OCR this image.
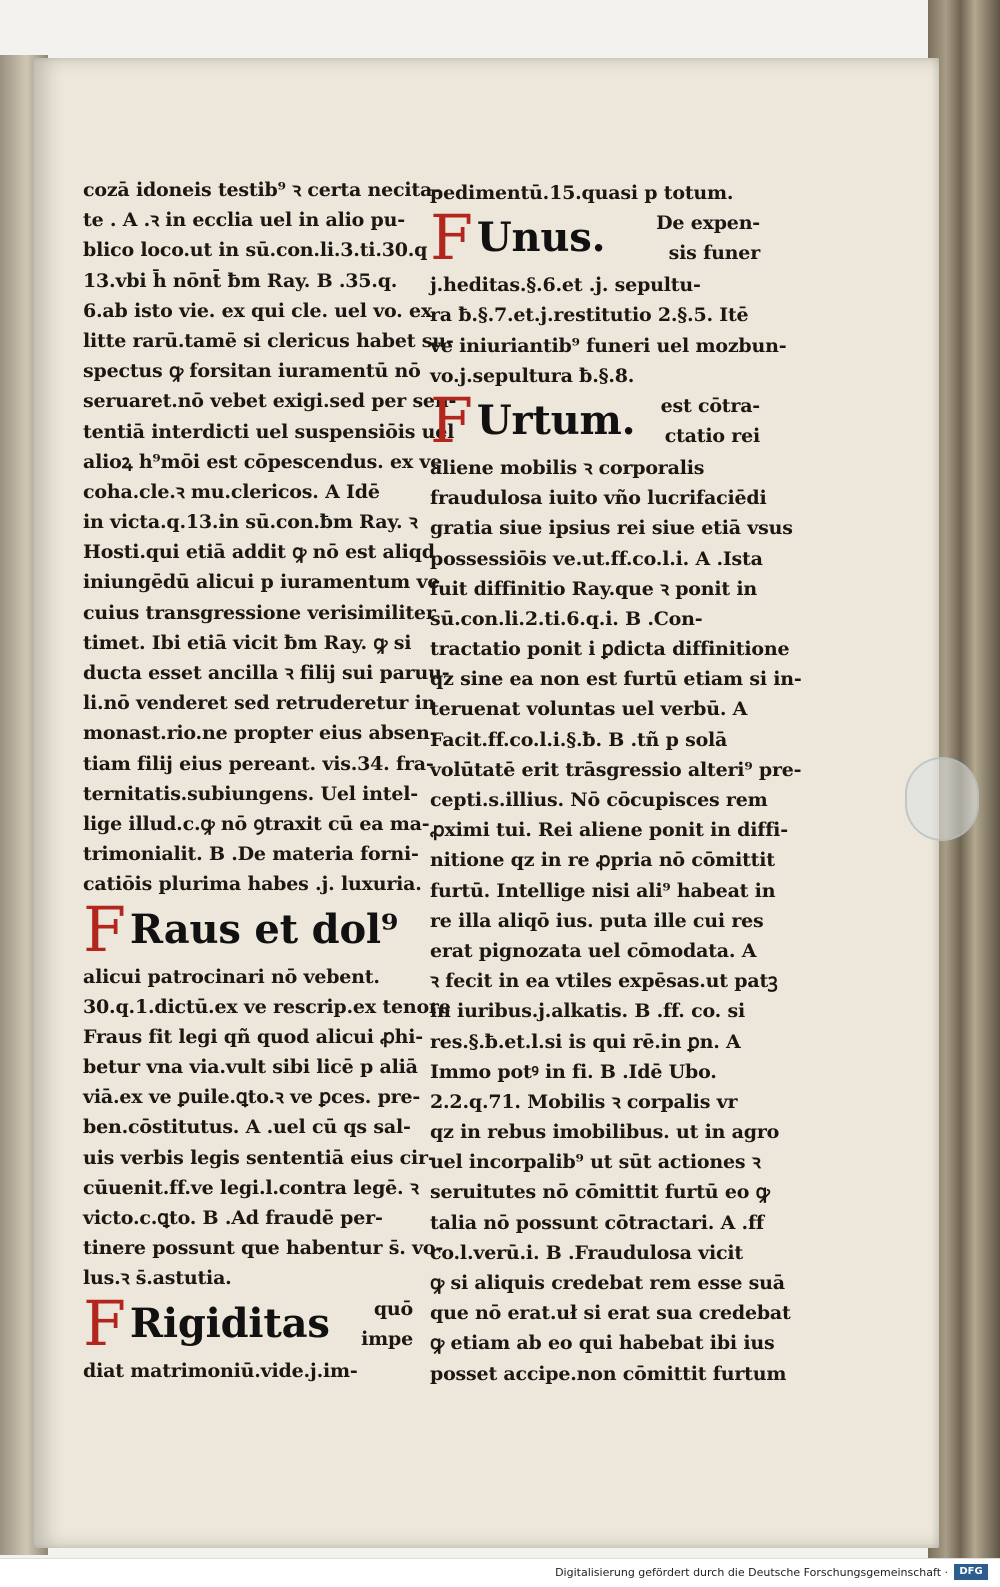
cozā idoneis testib⁹ ꝛ certa necita-
te . A .ꝛ in ecclia uel in alio pu-
blico loco.ut in sū.con.li.3.ti.30.q
13.vbi h̄ nōnt̄ ƀm Ray. B .35.q.
6.ab isto vie. ex qui cle. uel vo. ex
litte rarū.tamē si clericus habet su-
spectus ꝙ forsitan iuramentū nō
seruaret.nō vebet exigi.sed per sen-
tentiā interdicti uel suspensiōis uel
alioꝝ h⁹mōi est cōpescendus. ex ve
coha.cle.ꝛ mu.clericos. A Idē
in victa.q.13.in sū.con.ƀm Ray. ꝛ
Hosti.qui etiā addit ꝙ nō est aliqd
iniungēdū alicui p iuramentum ve
cuius transgressione verisimiliter
timet. Ibi etiā vicit ƀm Ray. ꝙ si
ducta esset ancilla ꝛ filij sui paruu-
li.nō venderet sed retruderetur in
monast.rio.ne propter eius absen-
tiam filij eius pereant. vis.34. fra-
ternitatis.subiungens. Uel intel-
lige illud.c.ꝙ nō ꝯtraxit cū ea ma-
trimonialit. B .De materia forni-
catiōis plurima habes .j. luxuria.
F Raus et dol⁹
alicui patrocinari nō vebent.
30.q.1.dictū.ex ve rescrip.ex tenore
Fraus fit legi qñ quod alicui ꝓhi-
betur vna via.vult sibi licē p aliā
viā.ex ve ꝑuile.ꝗto.ꝛ ve ꝑces. pre-
ben.cōstitutus. A .uel cū qs sal-
uis verbis legis sententiā eius cir-
cūuenit.ff.ve legi.l.contra legē. ꝛ
victo.c.ꝗto. B .Ad fraudē per-
tinere possunt que habentur s̄. vo-
lus.ꝛ s̄.astutia.
F Rigiditas	quō
impe
diat matrimoniū.vide.j.im-
pedimentū.15.quasi p totum.
F Unus.	De expen-
sis funer
j.heditas.§.6.et .j. sepultu-
ra ƀ.§.7.et.j.restitutio 2.§.5. Itē
ve iniuriantib⁹ funeri uel mozbun-
vo.j.sepultura ƀ.§.8.
F Urtum. est cōtra-
ctatio rei
aliene mobilis ꝛ corporalis
fraudulosa iuito vño lucrifaciēdi
gratia siue ipsius rei siue etiā vsus
possessiōis ve.ut.ff.co.l.i. A .Ista
fuit diffinitio Ray.que ꝛ ponit in
sū.con.li.2.ti.6.q.i. B .Con-
tractatio ponit i ꝑdicta diffinitione
qz sine ea non est furtū etiam si in-
teruenat voluntas uel verbū. A
Facit.ff.co.l.i.§.ƀ. B .tñ p solā
volūtatē erit trāsgressio alteri⁹ pre-
cepti.s.illius. Nō cōcupisces rem
ꝓximi tui. Rei aliene ponit in diffi-
nitione qz in re ꝓpria nō cōmittit
furtū. Intellige nisi ali⁹ habeat in
re illa aliqō ius. puta ille cui res
erat pignozata uel cōmodata. A
ꝛ fecit in ea vtiles expēsas.ut patꝫ
in iuribus.j.alkatis. B .ff. co. si
res.§.ƀ.et.l.si is qui rē.in ꝑn. A
Immo potꝰ in fi. B .Idē Ubo.
2.2.q.71. Mobilis ꝛ corpalis vr
qz in rebus imobilibus. ut in agro
uel incorpalib⁹ ut sūt actiones ꝛ
seruitutes nō cōmittit furtū eo ꝙ
talia nō possunt cōtractari. A .ff
co.l.verū.i. B .Fraudulosa vicit
ꝙ si aliquis credebat rem esse suā
que nō erat.uł si erat sua credebat
ꝙ etiam ab eo qui habebat ibi ius
posset accipe.non cōmittit furtum
Digitalisierung gefördert durch die Deutsche Forschungsgemeinschaft ·	DFG
